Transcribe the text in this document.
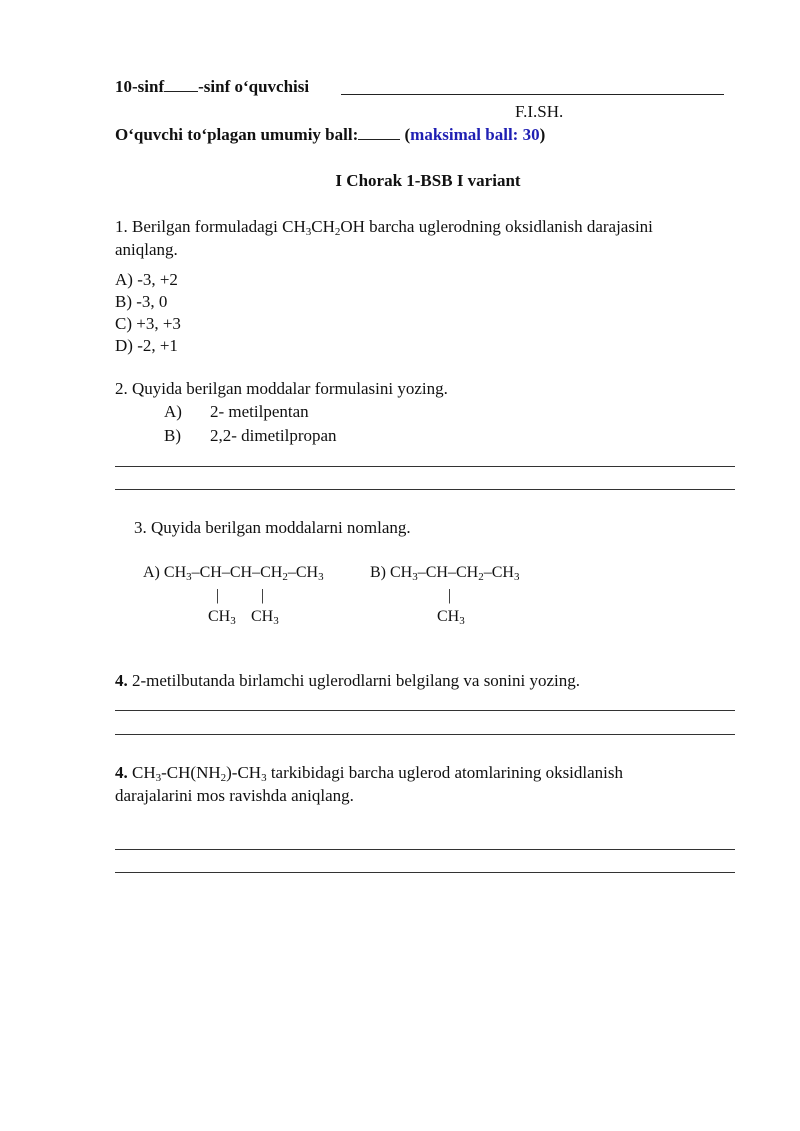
10-sinf -sinf oʻquvchisi
F.I.SH.
Oʻquvchi toʻplagan umumiy ball:	(maksimal ball: 30)
I Chorak 1-BSB I variant
1. Berilgan formuladagi $CH_3CH_2OH$ barcha uglerodning oksidlanish darajasini
aniqlang.
A) -3, +2
B) -3, 0
C) +3, +3
D) -2, +1
2. Quyida berilgan moddalar formulasini yozing.
A) 2- metilpentan
B) 2,2- dimetilpropan
3. Quyida berilgan moddalarni nomlang.
A) $CH_3-CH-CH-CH_2-CH_3$
|	|
$CH_3$ $CH_3$
B) $CH_3-CH-CH_2-CH_3$
|
$CH_3$
4. 2-metilbutanda birlamchi uglerodlarni belgilang va sonini yozing.
4. $CH_3-CH(NH_2)-CH_3$ tarkibidagi barcha uglerod atomlarining oksidlanish
darajalarini mos ravishda aniqlang.
